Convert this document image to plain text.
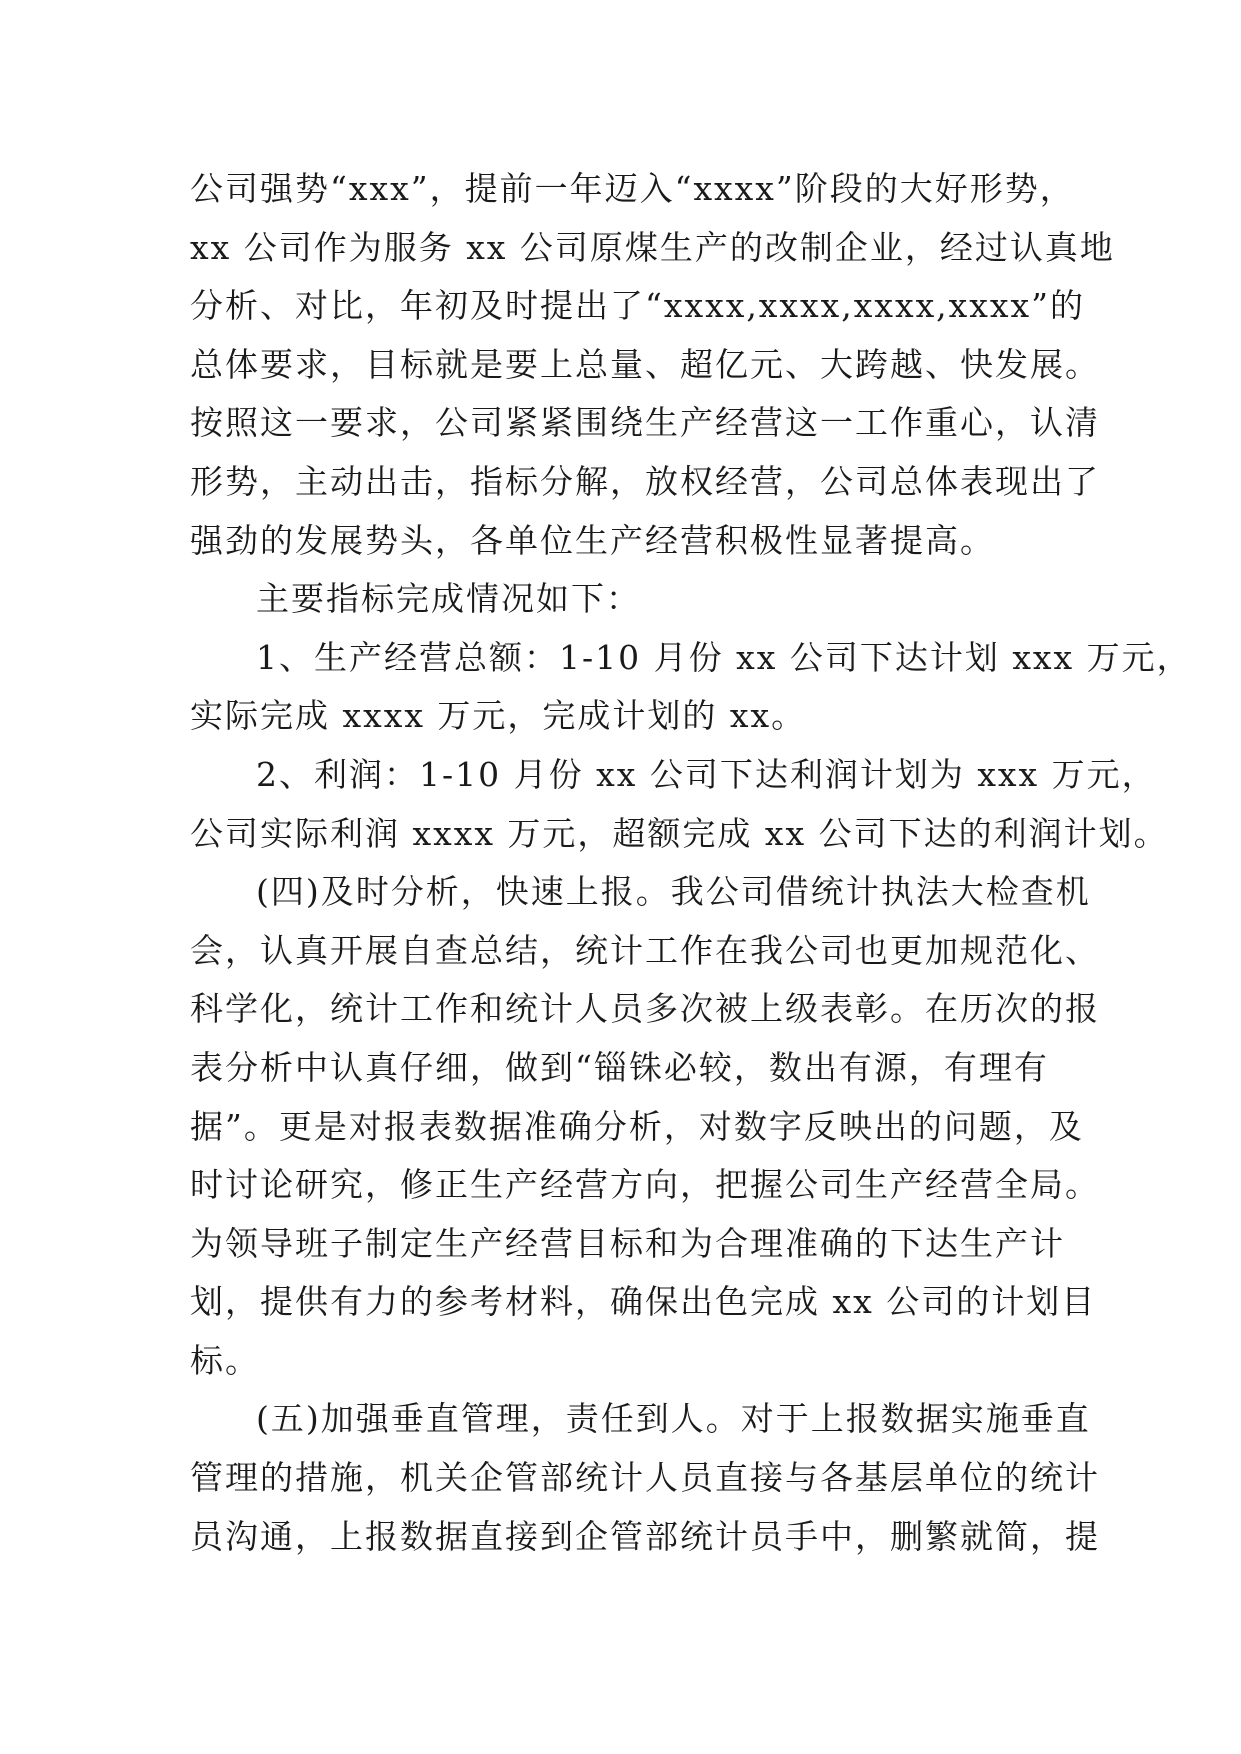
公司强势“xxx”，提前一年迈入“xxxx”阶段的大好形势，
xx 公司作为服务 xx 公司原煤生产的改制企业，经过认真地
分析、对比，年初及时提出了“xxxx,xxxx,xxxx,xxxx”的
总体要求，目标就是要上总量、超亿元、大跨越、快发展。
按照这一要求，公司紧紧围绕生产经营这一工作重心，认清
形势，主动出击，指标分解，放权经营，公司总体表现出了
强劲的发展势头，各单位生产经营积极性显著提高。
主要指标完成情况如下：
1、生产经营总额：1-10 月份 xx 公司下达计划 xxx 万元，
实际完成 xxxx 万元，完成计划的 xx。
2、利润：1-10 月份 xx 公司下达利润计划为 xxx 万元，
公司实际利润 xxxx 万元，超额完成 xx 公司下达的利润计划。
(四)及时分析，快速上报。我公司借统计执法大检查机
会，认真开展自查总结，统计工作在我公司也更加规范化、
科学化，统计工作和统计人员多次被上级表彰。在历次的报
表分析中认真仔细，做到“锱铢必较，数出有源，有理有
据”。更是对报表数据准确分析，对数字反映出的问题，及
时讨论研究，修正生产经营方向，把握公司生产经营全局。
为领导班子制定生产经营目标和为合理准确的下达生产计
划，提供有力的参考材料，确保出色完成 xx 公司的计划目
标。
(五)加强垂直管理，责任到人。对于上报数据实施垂直
管理的措施，机关企管部统计人员直接与各基层单位的统计
员沟通，上报数据直接到企管部统计员手中，删繁就简，提
